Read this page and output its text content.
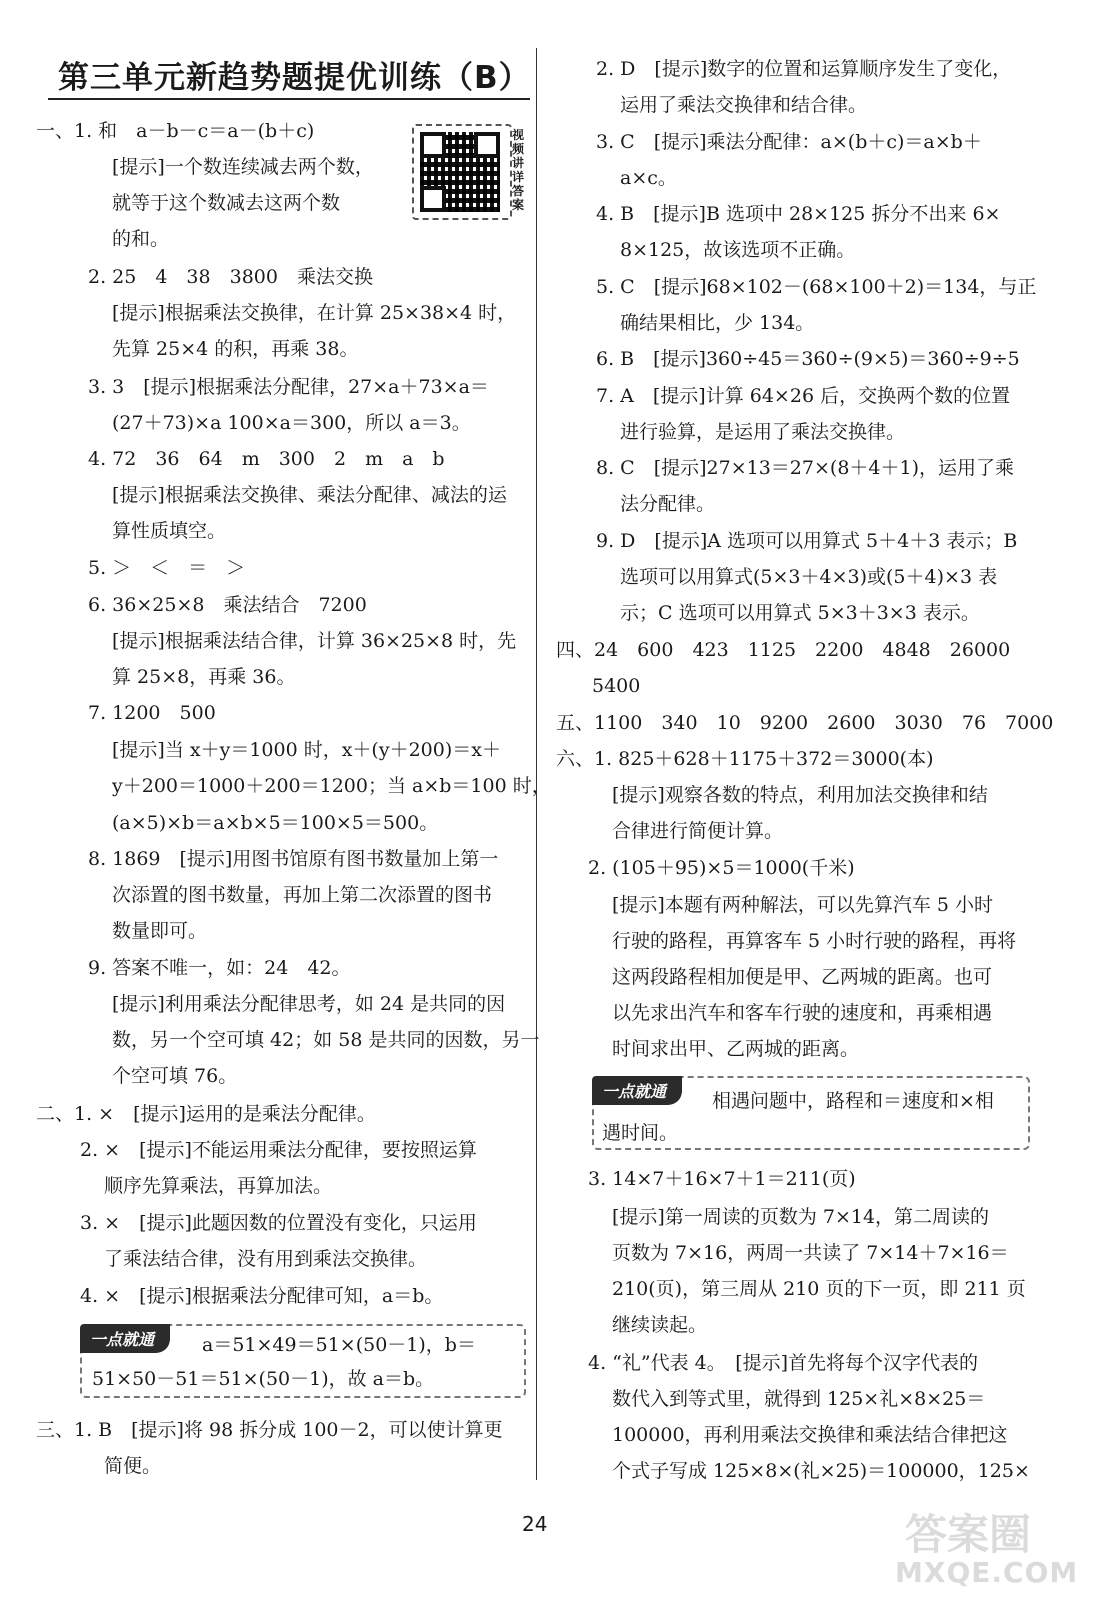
第三单元新趋势题提优训练（B）
视频讲详答案
一、1. 和　a－b－c＝a－(b＋c)
[提示]一个数连续减去两个数，
就等于这个数减去这两个数
的和。
2. 25　4　38　3800　乘法交换
[提示]根据乘法交换律，在计算 25×38×4 时，
先算 25×4 的积，再乘 38。
3. 3　[提示]根据乘法分配律，27×a＋73×a＝
(27＋73)×a 100×a＝300，所以 a＝3。
4. 72　36　64　m　300　2　m　a　b
[提示]根据乘法交换律、乘法分配律、减法的运
算性质填空。
5. ＞　＜　＝　＞
6. 36×25×8　乘法结合　7200
[提示]根据乘法结合律，计算 36×25×8 时，先
算 25×8，再乘 36。
7. 1200　500
[提示]当 x＋y＝1000 时，x＋(y＋200)＝x＋
y＋200＝1000＋200＝1200；当 a×b＝100 时，
(a×5)×b＝a×b×5＝100×5＝500。
8. 1869　[提示]用图书馆原有图书数量加上第一
次添置的图书数量，再加上第二次添置的图书
数量即可。
9. 答案不唯一，如：24　42。
[提示]利用乘法分配律思考，如 24 是共同的因
数，另一个空可填 42；如 58 是共同的因数，另一
个空可填 76。
二、1. ×　[提示]运用的是乘法分配律。
2. ×　[提示]不能运用乘法分配律，要按照运算
顺序先算乘法，再算加法。
3. ×　[提示]此题因数的位置没有变化，只运用
了乘法结合律，没有用到乘法交换律。
4. ×　[提示]根据乘法分配律可知，a＝b。
一点就通	a＝51×49＝51×(50－1)，b＝
51×50－51＝51×(50－1)，故 a＝b。
三、1. B　[提示]将 98 拆分成 100－2，可以使计算更
简便。
2. D　[提示]数字的位置和运算顺序发生了变化，
运用了乘法交换律和结合律。
3. C　[提示]乘法分配律：a×(b＋c)＝a×b＋
a×c。
4. B　[提示]B 选项中 28×125 拆分不出来 6×
8×125，故该选项不正确。
5. C　[提示]68×102－(68×100＋2)＝134，与正
确结果相比，少 134。
6. B　[提示]360÷45＝360÷(9×5)＝360÷9÷5
7. A　[提示]计算 64×26 后，交换两个数的位置
进行验算，是运用了乘法交换律。
8. C　[提示]27×13＝27×(8＋4＋1)，运用了乘
法分配律。
9. D　[提示]A 选项可以用算式 5＋4＋3 表示；B
选项可以用算式(5×3＋4×3)或(5＋4)×3 表
示；C 选项可以用算式 5×3＋3×3 表示。
四、24　600　423　1125　2200　4848　26000
5400
五、1100　340　10　9200　2600　3030　76　7000
六、1. 825＋628＋1175＋372＝3000(本)
[提示]观察各数的特点，利用加法交换律和结
合律进行简便计算。
2. (105＋95)×5＝1000(千米)
[提示]本题有两种解法，可以先算汽车 5 小时
行驶的路程，再算客车 5 小时行驶的路程，再将
这两段路程相加便是甲、乙两城的距离。也可
以先求出汽车和客车行驶的速度和，再乘相遇
时间求出甲、乙两城的距离。
一点就通	相遇问题中，路程和＝速度和×相
遇时间。
3. 14×7＋16×7＋1＝211(页)
[提示]第一周读的页数为 7×14，第二周读的
页数为 7×16，两周一共读了 7×14＋7×16＝
210(页)，第三周从 210 页的下一页，即 211 页
继续读起。
4. “礼”代表 4。　[提示]首先将每个汉字代表的
数代入到等式里，就得到 125×礼×8×25＝
100000，再利用乘法交换律和乘法结合律把这
个式子写成 125×8×(礼×25)＝100000，125×
24	答案圈
MXQE.COM
